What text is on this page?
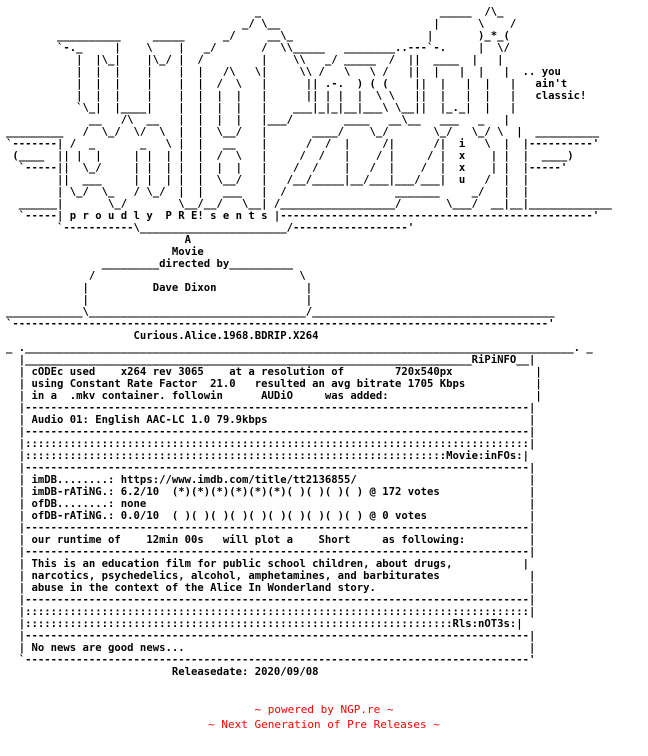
_                            _____  /\_
_/ \__                        |      \    /
__________     _____      _/     __\_                     |       )_*_(
`-._     |    \    |   _/       /  \\_____   ________..---`-.     |  \/
|  |\_|    |\_/ |  /         |    \\   _/ _____  /  ||  ____  |   |
|  |  |    |    |  |   /\   \|     \\ /   \   \ /   ||  |   |  |   |  .. you
|  |  |    |    |  |  /  \   |      || .-.  ) ( (    ||  |   |  |   |   ain't
|  |  |    |    |  |  |  |   |      || | |  |  \ \   ||  |   |  |   |   classic!
`\_|  |____|    |  |  |  |   |    ___|_|_|__|___\ \__||  |_._|  |   |
__   /\  __   |  |  |  |   |___/        ____   __\__   ___   _   |
_________   /  \_/  \/  \  |  |  \__/   |       ____/    \_/       \_/   \_/ \  |  __________
`-------| /  _       _   \ |  |   __    |      /  /  |     /|      /|  i   \  |  |----------'
(____  || |  |     | |  | |  |  /  \   |     /  /   |    / |     / |  x    | |  |  ____)
`-----||  \_/     | |  | |  |  |  |   |    /  /    |   /  |    /  |  x    | |  |-----'
||  ___     | |  | |  |  \__/   |   /__/_____|__/___|___/___|  u   /  |  |
| \_/  \_   / \_/  |  |   ___   |  /                 _______     _/   |  |
______|       \_/        \__/__/   \__| /__________________/       \___/  __|__|_____________
`-----| p r o u d l y  P R E! s e n t s |-------------------------------------------------'
`-----------\_______________________/------------------'
A
Movie
_________directed by__________
/                                \
|          Dave Dixon              |
|                                  |
____________\__________________________________/______________________________________
`------------------------------------------------------------------------------------'
Curious.Alice.1968.BDRIP.X264
_ .______________________________________________________________________________________. _
|______________________________________________________________________RiPiNFO__|
| cODEc used    x264 rev 3065    at a resolution of        720x540px             |
| using Constant Rate Factor  21.0   resulted an avg bitrate 1705 Kbps           |
| in a  .mkv container. followin      AUDiO     was added:                       |
|-------------------------------------------------------------------------------|
| Audio 01: English AAC-LC 1.0 79.9kbps                                         |
|-------------------------------------------------------------------------------|
|:::::::::::::::::::::::::::::::::::::::::::::::::::::::::::::::::::::::::::::::|
|::::::::::::::::::::::::::::::::::::::::::::::::::::::::::::::::::Movie:inFOs:|
|-------------------------------------------------------------------------------|
| imDB........: https://www.imdb.com/title/tt2136855/                           |
| imDB-rATiNG.: 6.2/10  (*)(*)(*)(*)(*)(*)( )( )( )( ) @ 172 votes              |
| ofDB........: none                                                            |
| ofDB-rATiNG.: 0.0/10  ( )( )( )( )( )( )( )( )( )( ) @ 0 votes                |
|-------------------------------------------------------------------------------|
| our runtime of    12min 00s   will plot a    Short     as following:          |
|-------------------------------------------------------------------------------|
| This is an education film for public school children, about drugs,           |
| narcotics, psychedelics, alcohol, amphetamines, and barbiturates              |
| abuse in the context of the Alice In Wonderland story.                        |
|-------------------------------------------------------------------------------|
|:::::::::::::::::::::::::::::::::::::::::::::::::::::::::::::::::::::::::::::::|
|:::::::::::::::::::::::::::::::::::::::::::::::::::::::::::::::::::Rls:nOT3s:|
|-------------------------------------------------------------------------------|
| No news are good news...                                                      |
`-------------------------------------------------------------------------------'
Releasedate: 2020/09/08
~ powered by NGP.re ~
~ Next Generation of Pre Releases ~
